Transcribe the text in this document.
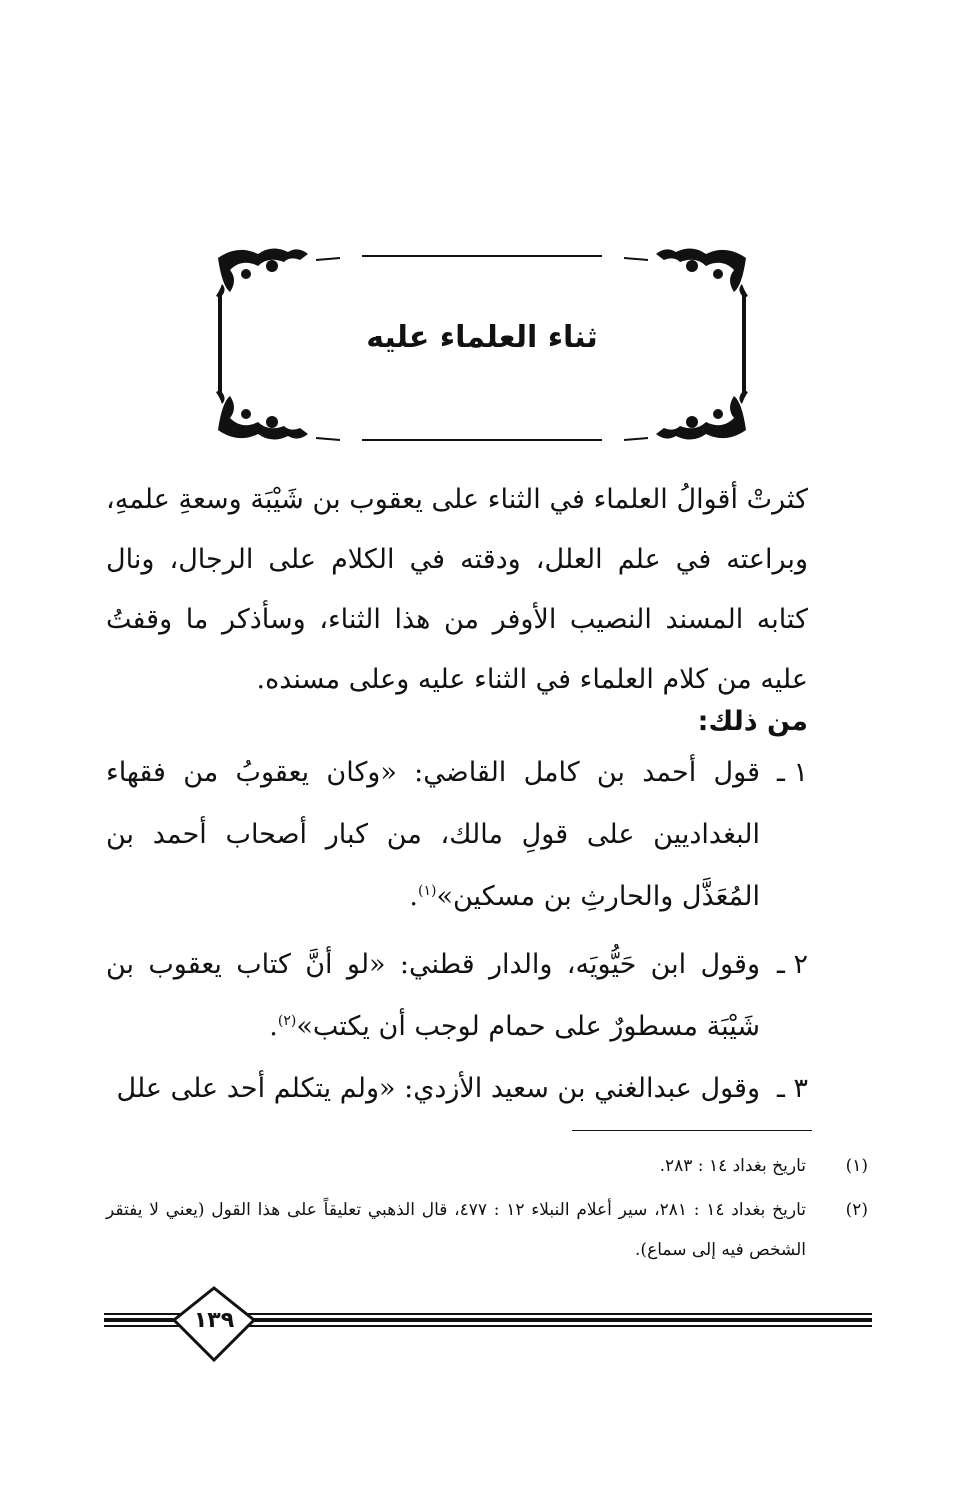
ثناء العلماء عليه

كثرتْ أقوالُ العلماء في الثناء على يعقوب بن شَيْبَة وسعةِ علمهِ، وبراعته في علم العلل، ودقته في الكلام على الرجال، ونال كتابه المسند النصيب الأوفر من هذا الثناء، وسأذكر ما وقفتُ عليه من كلام العلماء في الثناء عليه وعلى مسنده.

من ذلك:
١ ـ

قول أحمد بن كامل القاضي: «وكان يعقوبُ من فقهاء البغداديين على قولِ مالك، من كبار أصحاب أحمد بن المُعَذَّل والحارثِ بن مسكين»$^{(١)}$.

٢ ـ

وقول ابن حَيُّويَه، والدار قطني: «لو أنَّ كتاب يعقوب بن شَيْبَة مسطورٌ على حمام لوجب أن يكتب»$^{(٢)}$.

٣ ـ

وقول عبدالغني بن سعيد الأزدي: «ولم يتكلم أحد على علل

(١)

تاريخ بغداد ١٤ : ٢٨٣.

(٢)

تاريخ بغداد ١٤ : ٢٨١، سير أعلام النبلاء ١٢ : ٤٧٧، قال الذهبي تعليقاً على هذا القول (يعني لا يفتقر الشخص فيه إلى سماع).

١٣٩
